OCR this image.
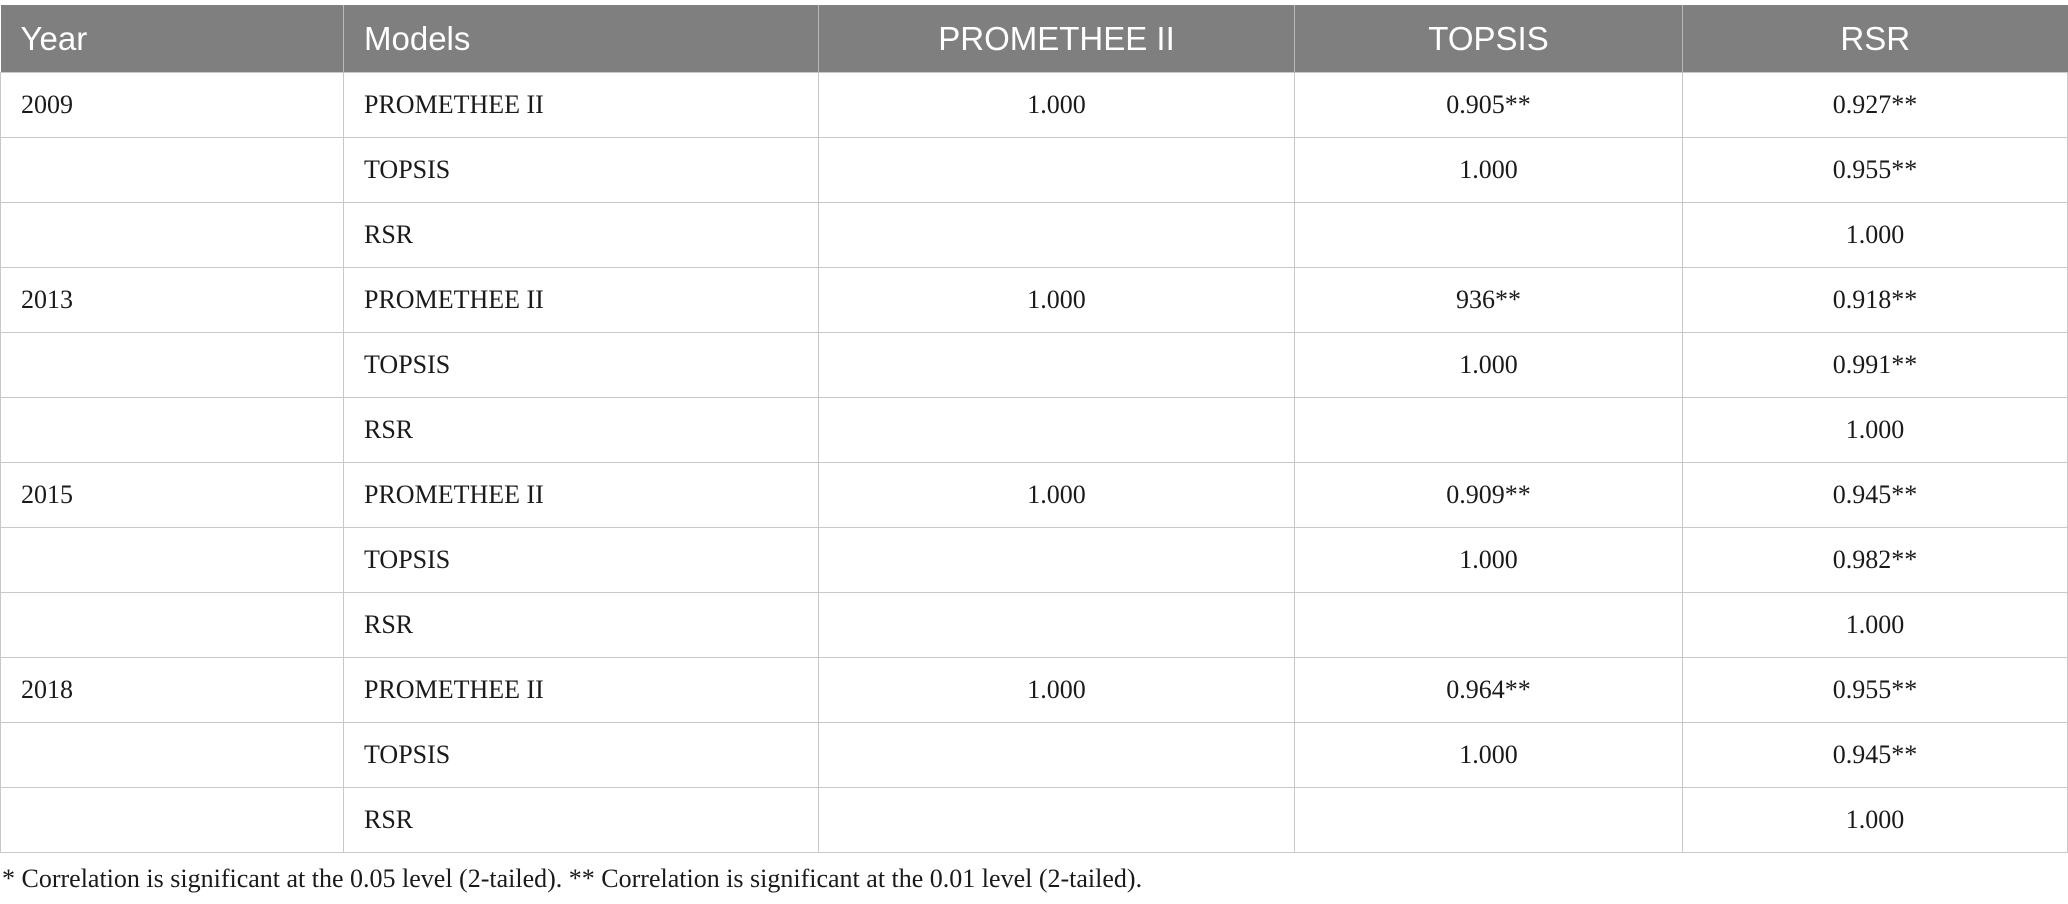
Year	Models	PROMETHEE II	TOPSIS	RSR
2009	PROMETHEE II	1.000	0.905**	0.927**
	TOPSIS		1.000	0.955**
	RSR			1.000
2013	PROMETHEE II	1.000	936**	0.918**
	TOPSIS		1.000	0.991**
	RSR			1.000
2015	PROMETHEE II	1.000	0.909**	0.945**
	TOPSIS		1.000	0.982**
	RSR			1.000
2018	PROMETHEE II	1.000	0.964**	0.955**
	TOPSIS		1.000	0.945**
	RSR			1.000
* Correlation is significant at the 0.05 level (2-tailed). ** Correlation is significant at the 0.01 level (2-tailed).
